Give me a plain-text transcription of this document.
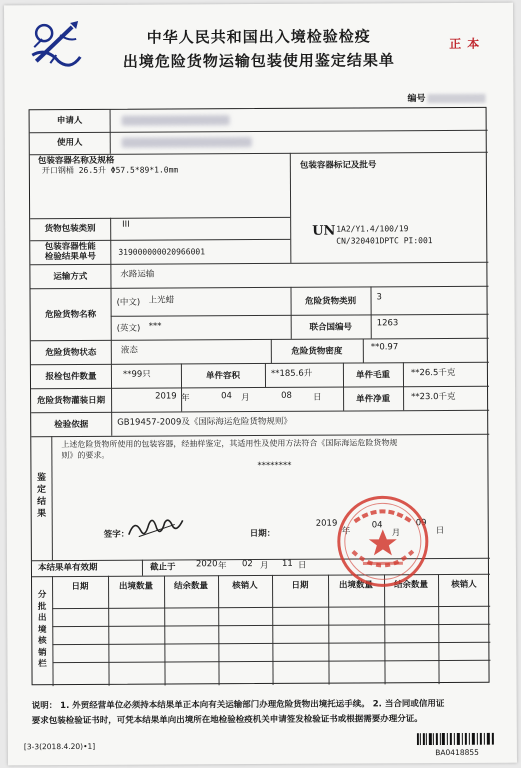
中华人民共和国出入境检验检疫
出境危险货物运输包装使用鉴定结果单
正本
编号
申请人
使用人
包装容器名称及规格
开口钢桶 26.5升 Φ57.5*89*1.0mm	包装容器标记及批号
UN 1A2/Y1.4/100/19
CN/320401DPTC PI:001
货物包装类别	III
包装容器性能
检验结果单号	319000000020966001
运输方式	水路运输
危险货物名称
(中文) 上光蜡
(英文) ***
危险货物类别	3
联合国编号	1263
危险货物状态	液态	危险货物密度	**0.97
报检包件数量	**99只	单件容积	**185.6升	单件毛重	**26.5千克
危险货物灌装日期	2019 年	04 月	08 日	单件净重	**23.0千克
检验依据	GB19457-2009及《国际海运危险货物规则》
鉴定结果
上述危险货物所使用的包装容器，经抽样鉴定，其适用性及使用方法符合《国际海运危险货物规
则》的要求。
********
签字：	日期：
2019
年
04
月
09
日
本结果单有效期	截止于 2020 年 02 月 11 日
分批出境核销栏
日期	出境数量	结余数量	核销人	日期	出境数量	结余数量	核销人
说明： 1. 外贸经营单位必须持本结果单正本向有关运输部门办理危险货物出境托运手续。 2. 当合同或信用证
要求包装检验证书时，可凭本结果单向出境所在地检验检疫机关申请签发检验证书或根据需要办理分证。
[3-3(2018.4.20)•1]
BA0418855
